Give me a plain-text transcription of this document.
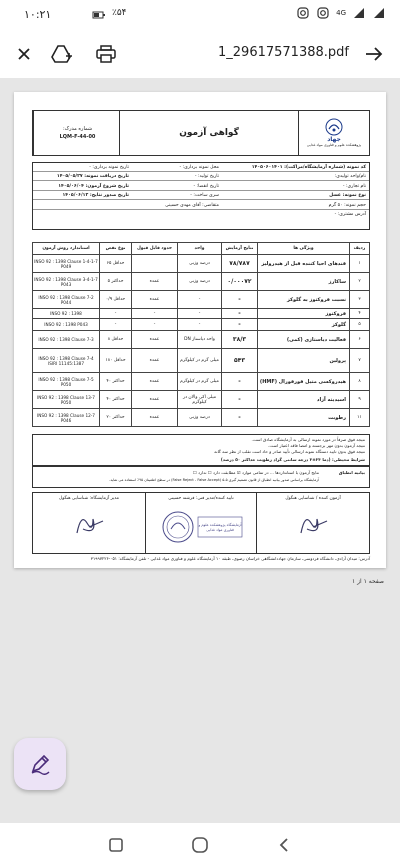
۱۰:۲۱	٪۵۴	4G
1_29617571388.pdf
جهاد
پژوهشکده علوم و فناوری مواد غذایی
گواهی آزمون
شماره مدرک:
LQM-F-44-00
کد نمونه (شماره آزمایشگاه/مراکت): ۱۴۰۵۰۶۰۱۴۰۱
محل نمونه برداری: -
تاریخ نمونه برداری: -
نام/واحد تولیدی:
تاریخ تولید: -
تاریخ دریافت نمونه: ۱۴۰۵/۰۵/۲۷
نام تجاری: -
تاریخ انقضا: -
تاریخ شروع آزمون: ۱۴۰۵/۰۶/۰۴
نوع نمونه: عسل
سری ساخت: -
تاریخ صدور نتایج: ۱۴۰۵/۰۶/۱۲
حجم نمونه: ۵۰ گرم
متقاضی: آقای مهدی حسینی
آدرس مشتری: -
ردیف	ویژگی ها	نتایج آزمایش	واحد	حدود قابل قبول	نوع نقص	استاندارد روش آزمون
۱	قندهای احیا کننده قبل از هیدرولیز	۷۸/۷۸۷	درصد وزنی		حداقل ۶۵	INSO 92 : 1398 Clause 1-4-1-7 P049
۲	ساکارز	۰/۰۰۰۷۲	درصد وزنی	عمده	حداکثر ۵	INSO 92 : 1398 Clause 3-4-1-7 P043
۳	نسبت فروکتوز به گلوکز	-	-	عمده	حداقل ۰/۹	INSO 92 : 1398 Clause 7-2 P044
۴	فروکتوز	-	-	-	-	INSO 92 : 1398
۵	گلوکز	-	-	-	-	INSO 92 : 1398 P043
۶	فعالیت دیاستازی (کمی)	۳۸/۳	واحد دیاستاز DN	عمده	حداقل ۸	INSO 92 : 1398 Clause 7-3
۷	پرولین	۵۴۳	میلی گرم در کیلوگرم	عمده	حداقل ۱۸۰	INSO 92 : 1398 Clause 7-4 ISIRI 11145:1387
۸	هیدروکسی متیل فورفورال (HMF)	-	میلی گرم در کیلوگرم	عمده	حداکثر ۴۰	INSO 92 : 1398 Clause 7-5 P050
۹	اسیدیته آزاد	-	میلی اکی والان در کیلوگرم	عمده	حداکثر ۴۰	INSO 92 : 1398 Clause 13-7 P050
۱۱	رطوبت	-	درصد وزنی	عمده	حداکثر ۲۰	INSO 92 : 1398 Clause 12-7 P046
نتیجه فوق صرفاً در مورد نمونه ارسالی به آزمایشگاه صادق است.
نتیجه آزمون بدون مهر برجسته و امضا فاقد اعتبار است.
نتیجه فوق بدون تایید دستگاه نمونه ارسالی تأیید صادر و حاد است تقلب از نظر سه گانه
شرایط محیطی: (دما ۲۳±۲ درجه سانتی گراد رطوبت حداکثر ۵۰ درصد)
بیانیه انطباق
نتایج آزمون با استانداردها ... در تمامی موارد ☑ مطابقت دارد ☐ ندارد ☐
آزمایشگاه براساس صدور بیانیه انطباق از قانون تصمیم گیری ۵-۵ (False Reject - False Accept) در سطح اطمینان ۹۵٪ استفاده می نماید.
آزمون کننده / شناسایی هنگول
تایید کننده/مدیر فنی: فرشته حسینی
آزمایشگاه پژوهشکده علوم و فناوری مواد غذایی
مدیر آزمایشگاه: شناسایی هنگول
آدرس: میدان آزادی، دانشگاه فردوسی، سازمان جهاددانشگاهی خراسان رضوی، طبقه ۱۰ آزمایشگاه علوم و فناوری مواد غذایی - تلفن آزمایشگاه: ۰۵۱-۳۱۹۹۷۲۲۶
صفحه ۱ از ۱
